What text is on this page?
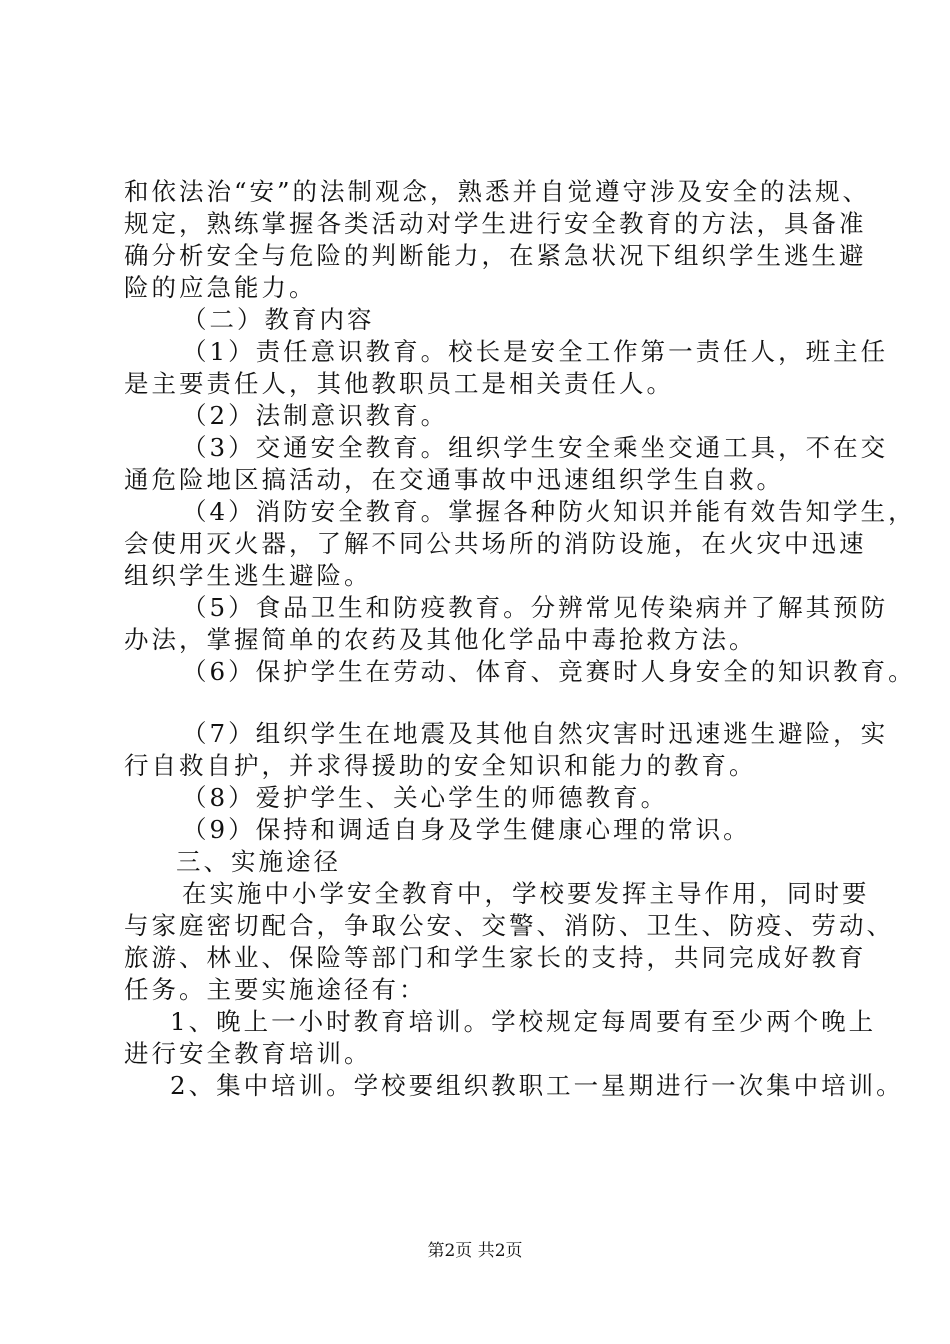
和依法治“安”的法制观念，熟悉并自觉遵守涉及安全的法规、
规定，熟练掌握各类活动对学生进行安全教育的方法，具备准
确分析安全与危险的判断能力，在紧急状况下组织学生逃生避
险的应急能力。
（二）教育内容
（1）责任意识教育。校长是安全工作第一责任人，班主任
是主要责任人，其他教职员工是相关责任人。
（2）法制意识教育。
（3）交通安全教育。组织学生安全乘坐交通工具，不在交
通危险地区搞活动，在交通事故中迅速组织学生自救。
（4）消防安全教育。掌握各种防火知识并能有效告知学生，
会使用灭火器，了解不同公共场所的消防设施，在火灾中迅速
组织学生逃生避险。
（5）食品卫生和防疫教育。分辨常见传染病并了解其预防
办法，掌握简单的农药及其他化学品中毒抢救方法。
（6）保护学生在劳动、体育、竞赛时人身安全的知识教育。
（7）组织学生在地震及其他自然灾害时迅速逃生避险，实
行自救自护，并求得援助的安全知识和能力的教育。
（8）爱护学生、关心学生的师德教育。
（9）保持和调适自身及学生健康心理的常识。
三、实施途径
在实施中小学安全教育中，学校要发挥主导作用，同时要
与家庭密切配合，争取公安、交警、消防、卫生、防疫、劳动、
旅游、林业、保险等部门和学生家长的支持，共同完成好教育
任务。主要实施途径有：
1、晚上一小时教育培训。学校规定每周要有至少两个晚上
进行安全教育培训。
2、集中培训。学校要组织教职工一星期进行一次集中培训。
第2页 共2页
